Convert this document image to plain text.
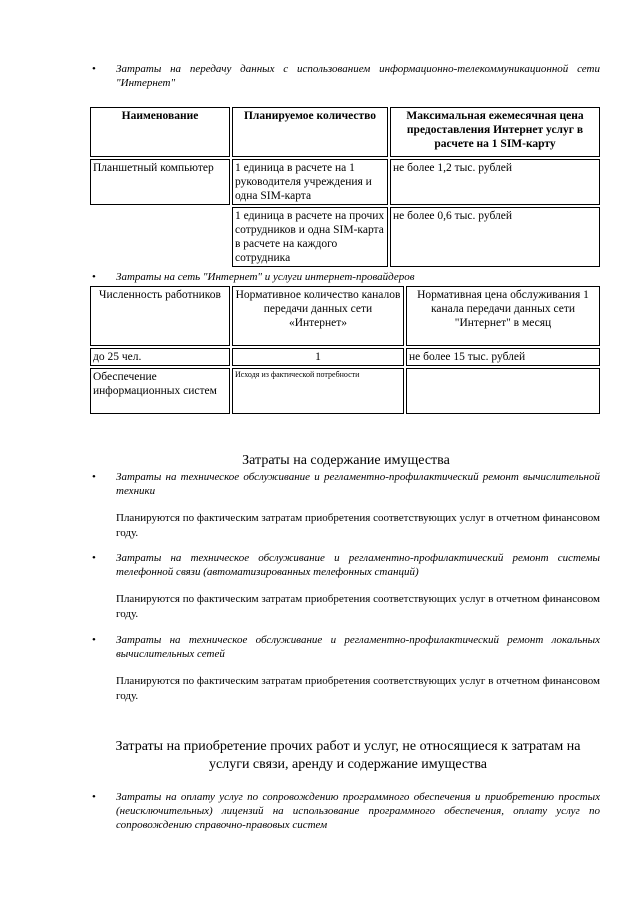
•	Затраты на передачу данных с использованием информационно-телекоммуникационной сети "Интернет"
Наименование	Планируемое количество	Максимальная ежемесячная цена предоставления Интернет услуг в расчете на 1 SIM-карту
Планшетный компьютер	1 единица в расчете на 1 руководителя учреждения и одна SIM-карта	не более 1,2 тыс. рублей
	1 единица в расчете на прочих сотрудников и одна SIM-карта в расчете на каждого сотрудника	не более 0,6 тыс. рублей
•	Затраты на сеть "Интернет" и услуги интернет-провайдеров
Численность работников	Нормативное количество каналов передачи данных сети «Интернет»	Нормативная цена обслуживания 1 канала передачи данных сети "Интернет" в месяц
до 25 чел.	1	не более 15 тыс. рублей
Обеспечение информационных систем	Исходя из фактической потребности	
Затраты на содержание имущества
•	Затраты на техническое обслуживание и регламентно-профилактический ремонт вычислительной техники
Планируются по фактическим затратам приобретения соответствующих услуг в отчетном финансовом году.
•	Затраты на техническое обслуживание и регламентно-профилактический ремонт системы телефонной связи (автоматизированных телефонных станций)
Планируются по фактическим затратам приобретения соответствующих услуг в отчетном финансовом году.
•	Затраты на техническое обслуживание и регламентно-профилактический ремонт локальных вычислительных сетей
Планируются по фактическим затратам приобретения соответствующих услуг в отчетном финансовом году.
Затраты на приобретение прочих работ и услуг, не относящиеся к затратам на услуги связи, аренду и содержание имущества
•	Затраты на оплату услуг по сопровождению программного обеспечения и приобретению простых (неисключительных) лицензий на использование программного обеспечения, оплату услуг по сопровождению справочно-правовых систем
